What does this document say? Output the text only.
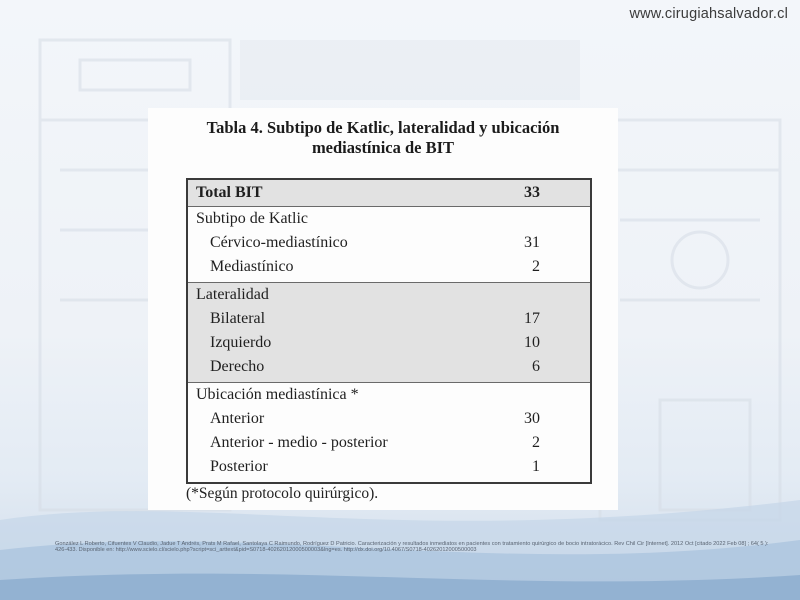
www.cirugiahsalvador.cl
Tabla 4. Subtipo de Katlic, lateralidad y ubicación
mediastínica de BIT
Total BIT	33
Subtipo de Katlic
Cérvico-mediastínico	31
Mediastínico	2
Lateralidad
Bilateral	17
Izquierdo	10
Derecho	6
Ubicación mediastínica *
Anterior	30
Anterior - medio - posterior	2
Posterior	1
(*Según protocolo quirúrgico).
González L Roberto, Cifuentes V Claudio, Jadue T Andrés, Prats M Rafael, Santolaya C Raimundo, Rodríguez D Patricio. Caracterización y resultados inmediatos en pacientes con tratamiento quirúrgico de bocio intratorácico. Rev Chil Cir [Internet]. 2012 Oct [citado 2022 Feb 08] ; 64( 5 ): 426-433. Disponible en: http://www.scielo.cl/scielo.php?script=sci_arttext&pid=S0718-40262012000500003&lng=es. http://dx.doi.org/10.4067/S0718-40262012000500003
